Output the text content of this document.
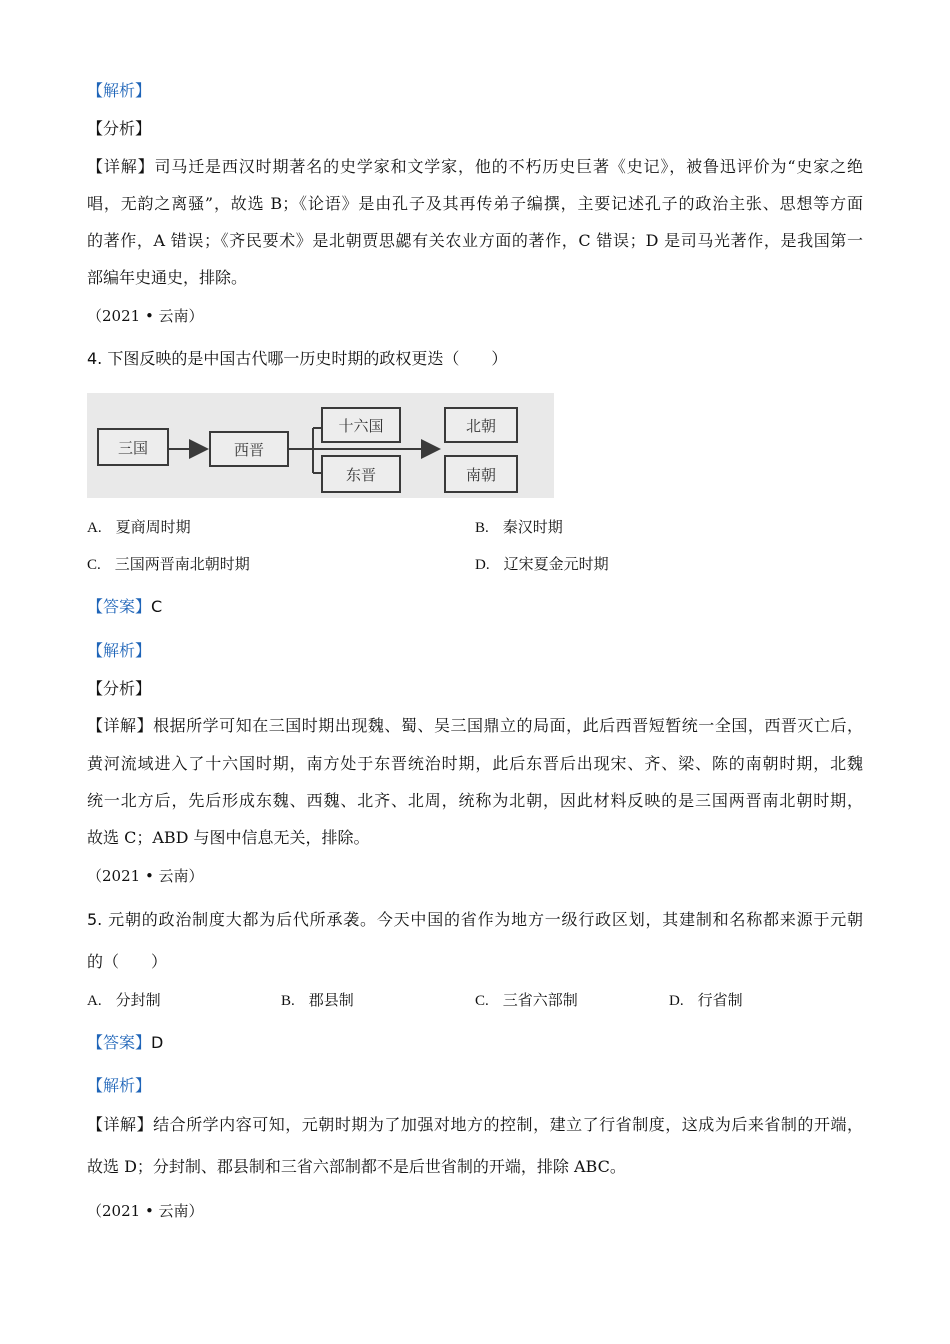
【解析】
【分析】
【详解】司马迁是西汉时期著名的史学家和文学家，他的不朽历史巨著《史记》，被鲁迅评价为“史家之绝
唱，无韵之离骚”，故选 B；《论语》是由孔子及其再传弟子编撰，主要记述孔子的政治主张、思想等方面
的著作，A 错误；《齐民要术》是北朝贾思勰有关农业方面的著作，C 错误；D 是司马光著作，是我国第一
部编年史通史，排除。
（2021 • 云南）
4. 下图反映的是中国古代哪一历史时期的政权更迭（　　）
三国	西晋
十六国
东晋
北朝
南朝
A. 夏商周时期	B. 秦汉时期
C. 三国两晋南北朝时期	D. 辽宋夏金元时期
【答案】C
【解析】
【分析】
【详解】根据所学可知在三国时期出现魏、蜀、吴三国鼎立的局面，此后西晋短暂统一全国，西晋灭亡后，
黄河流域进入了十六国时期，南方处于东晋统治时期，此后东晋后出现宋、齐、梁、陈的南朝时期，北魏
统一北方后，先后形成东魏、西魏、北齐、北周，统称为北朝，因此材料反映的是三国两晋南北朝时期，
故选 C；ABD 与图中信息无关，排除。
（2021 • 云南）
5. 元朝的政治制度大都为后代所承袭。今天中国的省作为地方一级行政区划，其建制和名称都来源于元朝
的（　　）
A. 分封制	B. 郡县制	C. 三省六部制	D. 行省制
【答案】D
【解析】
【详解】结合所学内容可知，元朝时期为了加强对地方的控制，建立了行省制度，这成为后来省制的开端，
故选 D；分封制、郡县制和三省六部制都不是后世省制的开端，排除 ABC。
（2021 • 云南）
